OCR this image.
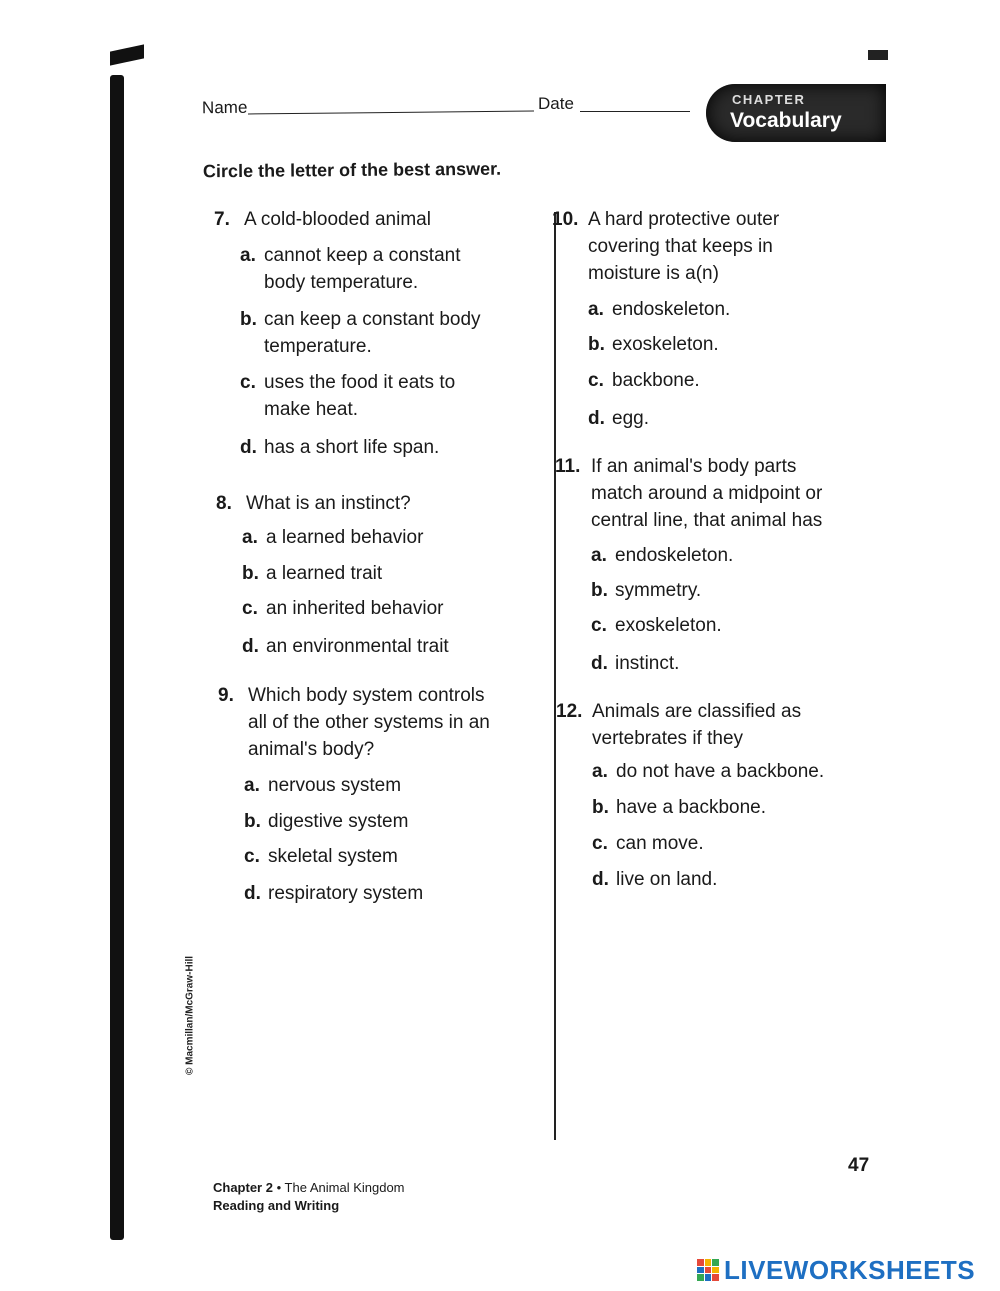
Name	Date	CHAPTER
Vocabulary
Circle the letter of the best answer.
7. A cold-blooded animal
a. cannot keep a constant
body temperature.
b. can keep a constant body
temperature.
c. uses the food it eats to
make heat.
d. has a short life span.
8. What is an instinct?
a. a learned behavior
b. a learned trait
c. an inherited behavior
d. an environmental trait
9. Which body system controls
all of the other systems in an
animal's body?
a. nervous system
b. digestive system
c. skeletal system
d. respiratory system
10. A hard protective outer
covering that keeps in
moisture is a(n)
a. endoskeleton.
b. exoskeleton.
c. backbone.
d. egg.
11. If an animal's body parts
match around a midpoint or
central line, that animal has
a. endoskeleton.
b. symmetry.
c. exoskeleton.
d. instinct.
12. Animals are classified as
vertebrates if they
a. do not have a backbone.
b. have a backbone.
c. can move.
d. live on land.
© Macmillan/McGraw-Hill
47
Chapter 2 • The Animal Kingdom
Reading and Writing
LIVEWORKSHEETS
